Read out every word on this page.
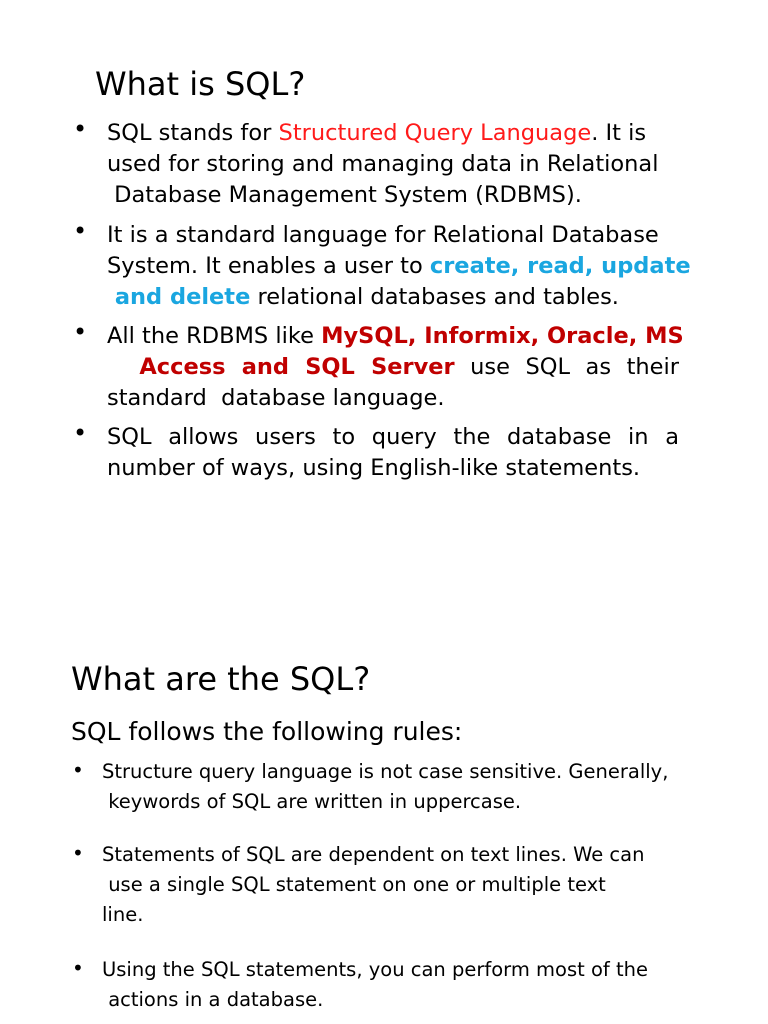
What is SQL?
• SQL stands for Structured Query Language. It is
used for storing and managing data in Relational
Database Management System (RDBMS).
• It is a standard language for Relational Database
System. It enables a user to create, read, update
and delete relational databases and tables.
• All the RDBMS like MySQL, Informix, Oracle, MS
Access and SQL Server use SQL as their
standard  database language.
• SQL allows users to query the database in a
number of ways, using English-like statements.
What are the SQL?

SQL follows the following rules:

• Structure query language is not case sensitive. Generally,
keywords of SQL are written in uppercase.
• Statements of SQL are dependent on text lines. We can
use a single SQL statement on one or multiple text
line.
• Using the SQL statements, you can perform most of the
actions in a database.
